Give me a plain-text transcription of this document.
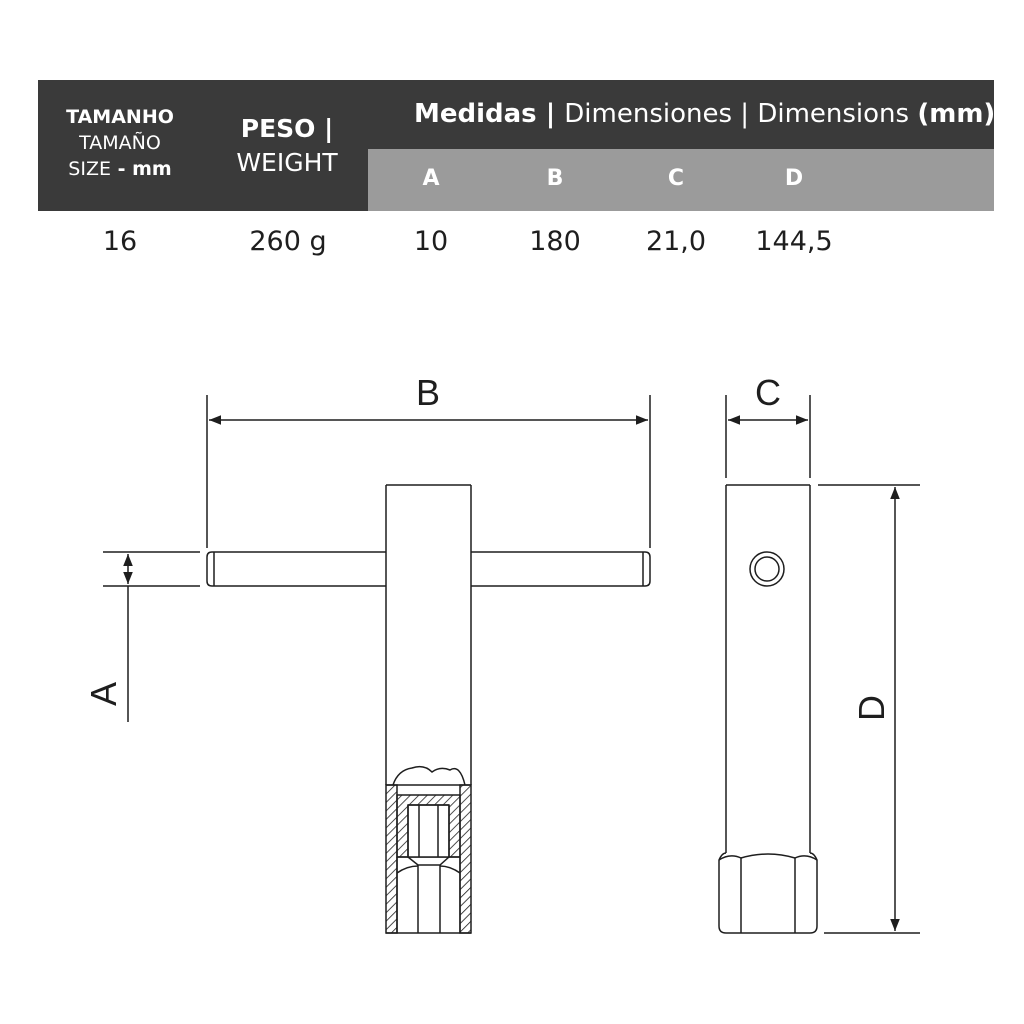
Medidas | Dimensiones | Dimensions (mm)
TAMANHO
TAMAÑO
SIZE - mm
PESO |
WEIGHT
A	B	C	D
16	260 g	10	180	21,0	144,5
B	C
A
D
